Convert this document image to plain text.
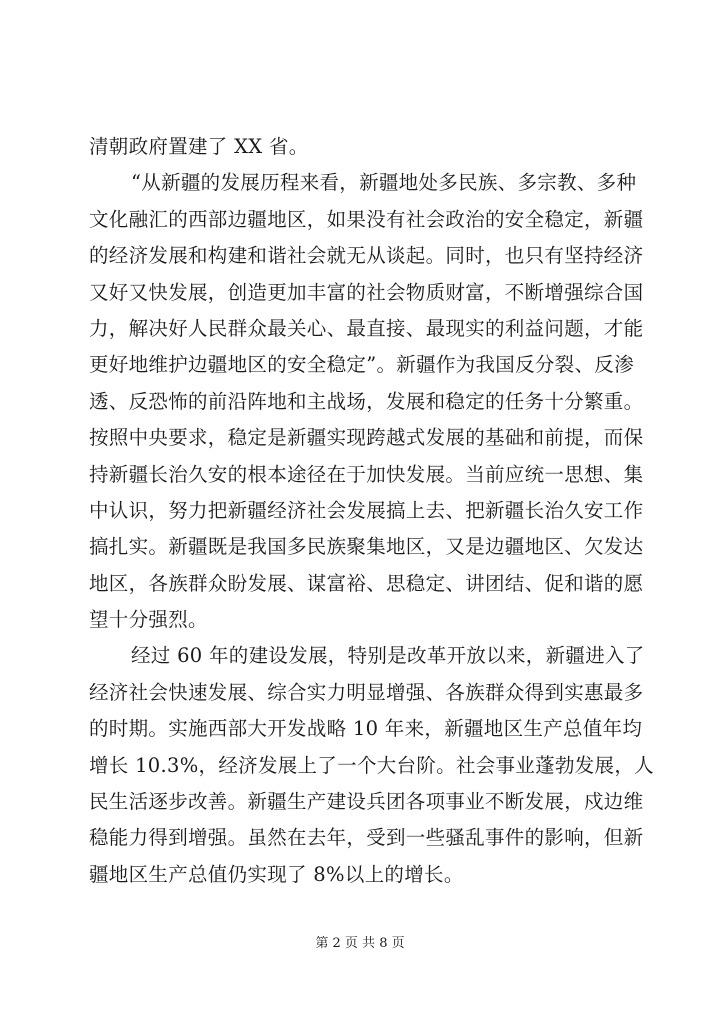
清朝政府置建了 XX 省。
“从新疆的发展历程来看，新疆地处多民族、多宗教、多种
文化融汇的西部边疆地区，如果没有社会政治的安全稳定，新疆
的经济发展和构建和谐社会就无从谈起。同时，也只有坚持经济
又好又快发展，创造更加丰富的社会物质财富，不断增强综合国
力，解决好人民群众最关心、最直接、最现实的利益问题，才能
更好地维护边疆地区的安全稳定”。新疆作为我国反分裂、反渗
透、反恐怖的前沿阵地和主战场，发展和稳定的任务十分繁重。
按照中央要求，稳定是新疆实现跨越式发展的基础和前提，而保
持新疆长治久安的根本途径在于加快发展。当前应统一思想、集
中认识，努力把新疆经济社会发展搞上去、把新疆长治久安工作
搞扎实。新疆既是我国多民族聚集地区，又是边疆地区、欠发达
地区，各族群众盼发展、谋富裕、思稳定、讲团结、促和谐的愿
望十分强烈。
经过 60 年的建设发展，特别是改革开放以来，新疆进入了
经济社会快速发展、综合实力明显增强、各族群众得到实惠最多
的时期。实施西部大开发战略 10 年来，新疆地区生产总值年均
增长 10.3%，经济发展上了一个大台阶。社会事业蓬勃发展，人
民生活逐步改善。新疆生产建设兵团各项事业不断发展，戍边维
稳能力得到增强。虽然在去年，受到一些骚乱事件的影响，但新
疆地区生产总值仍实现了 8%以上的增长。
第 2 页 共 8 页
